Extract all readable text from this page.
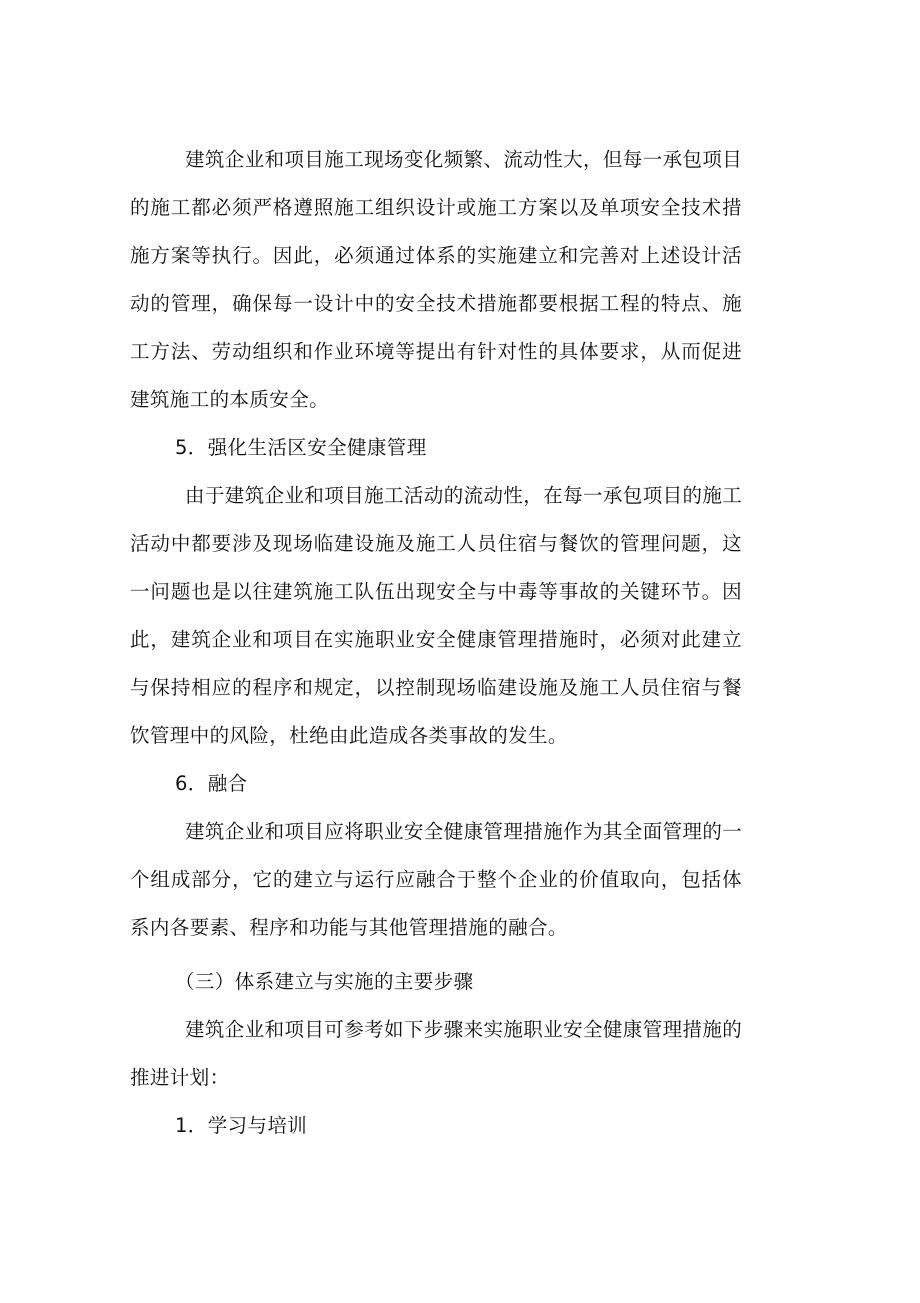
建筑企业和项目施工现场变化频繁、流动性大，但每一承包项目
的施工都必须严格遵照施工组织设计或施工方案以及单项安全技术措
施方案等执行。因此，必须通过体系的实施建立和完善对上述设计活
动的管理，确保每一设计中的安全技术措施都要根据工程的特点、施
工方法、劳动组织和作业环境等提出有针对性的具体要求，从而促进
建筑施工的本质安全。
5．强化生活区安全健康管理
由于建筑企业和项目施工活动的流动性，在每一承包项目的施工
活动中都要涉及现场临建设施及施工人员住宿与餐饮的管理问题，这
一问题也是以往建筑施工队伍出现安全与中毒等事故的关键环节。因
此，建筑企业和项目在实施职业安全健康管理措施时，必须对此建立
与保持相应的程序和规定，以控制现场临建设施及施工人员住宿与餐
饮管理中的风险，杜绝由此造成各类事故的发生。
6．融合
建筑企业和项目应将职业安全健康管理措施作为其全面管理的一
个组成部分，它的建立与运行应融合于整个企业的价值取向，包括体
系内各要素、程序和功能与其他管理措施的融合。
（三）体系建立与实施的主要步骤
建筑企业和项目可参考如下步骤来实施职业安全健康管理措施的
推进计划：
1．学习与培训
